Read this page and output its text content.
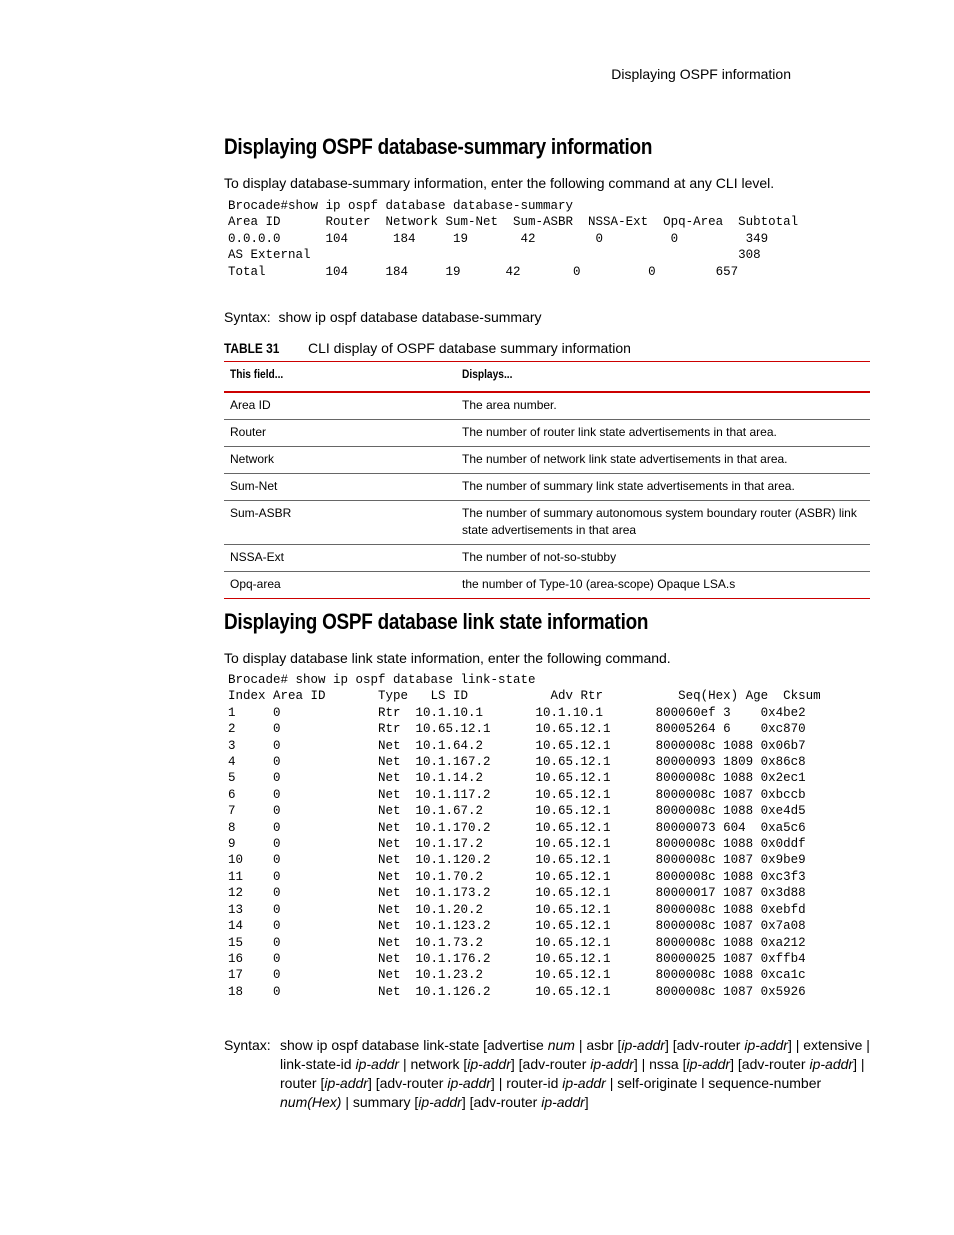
Displaying OSPF information
Displaying OSPF database-summary information
To display database-summary information, enter the following command at any CLI level.
Brocade#show ip ospf database database-summary
Area ID      Router  Network Sum-Net  Sum-ASBR  NSSA-Ext  Opq-Area  Subtotal
0.0.0.0      104      184     19       42        0         0         349
AS External                                                         308
Total        104     184     19      42       0         0        657
Syntax: show ip ospf database database-summary
TABLE 31 CLI display of OSPF database summary information
This field...	Displays...
Area ID	The area number.
Router	The number of router link state advertisements in that area.
Network	The number of network link state advertisements in that area.
Sum-Net	The number of summary link state advertisements in that area.
Sum-ASBR	The number of summary autonomous system boundary router (ASBR) link state advertisements in that area
NSSA-Ext	The number of not-so-stubby
Opq-area	the number of Type-10 (area-scope) Opaque LSA.s
Displaying OSPF database link state information
To display database link state information, enter the following command.
Brocade# show ip ospf database link-state
Index Area ID       Type   LS ID           Adv Rtr          Seq(Hex) Age  Cksum
1     0             Rtr  10.1.10.1       10.1.10.1       800060ef 3    0x4be2
2     0             Rtr  10.65.12.1      10.65.12.1      80005264 6    0xc870
3     0             Net  10.1.64.2       10.65.12.1      8000008c 1088 0x06b7
4     0             Net  10.1.167.2      10.65.12.1      80000093 1809 0x86c8
5     0             Net  10.1.14.2       10.65.12.1      8000008c 1088 0x2ec1
6     0             Net  10.1.117.2      10.65.12.1      8000008c 1087 0xbccb
7     0             Net  10.1.67.2       10.65.12.1      8000008c 1088 0xe4d5
8     0             Net  10.1.170.2      10.65.12.1      80000073 604  0xa5c6
9     0             Net  10.1.17.2       10.65.12.1      8000008c 1088 0x0ddf
10    0             Net  10.1.120.2      10.65.12.1      8000008c 1087 0x9be9
11    0             Net  10.1.70.2       10.65.12.1      8000008c 1088 0xc3f3
12    0             Net  10.1.173.2      10.65.12.1      80000017 1087 0x3d88
13    0             Net  10.1.20.2       10.65.12.1      8000008c 1088 0xebfd
14    0             Net  10.1.123.2      10.65.12.1      8000008c 1087 0x7a08
15    0             Net  10.1.73.2       10.65.12.1      8000008c 1088 0xa212
16    0             Net  10.1.176.2      10.65.12.1      80000025 1087 0xffb4
17    0             Net  10.1.23.2       10.65.12.1      8000008c 1088 0xca1c
18    0             Net  10.1.126.2      10.65.12.1      8000008c 1087 0x5926
Syntax: show ip ospf database link-state [advertise num | asbr [ip-addr] [adv-router ip-addr] | extensive | link-state-id ip-addr | network [ip-addr] [adv-router ip-addr] | nssa [ip-addr] [adv-router ip-addr] | router [ip-addr] [adv-router ip-addr] | router-id ip-addr | self-originate l sequence-number num(Hex) | summary [ip-addr] [adv-router ip-addr]
